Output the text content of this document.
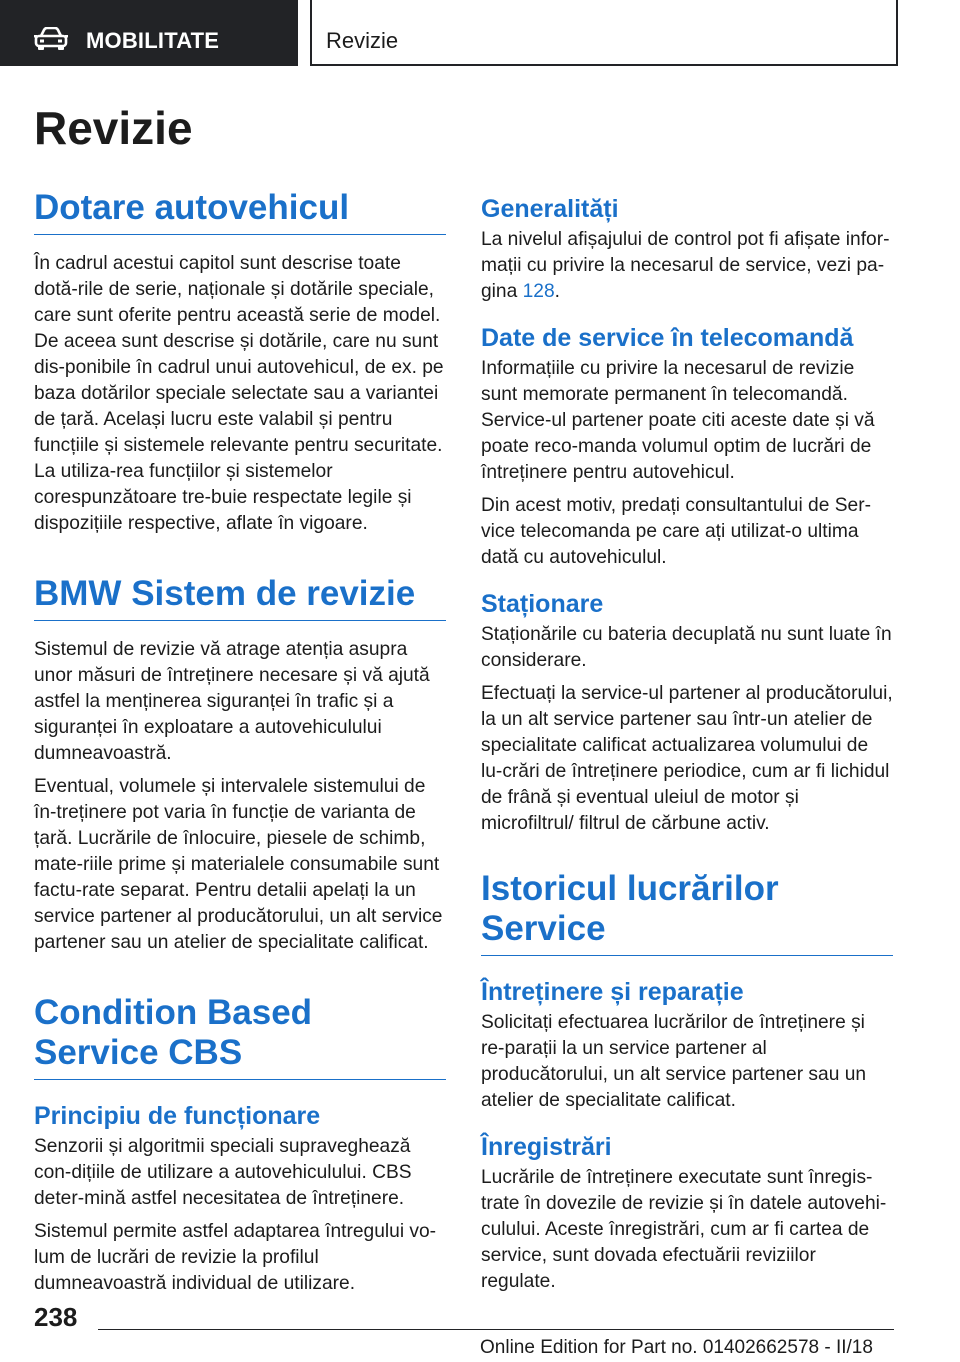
MOBILITATE	Revizie
Revizie
Dotare autovehicul

În cadrul acestui capitol sunt descrise toate dotă-rile de serie, naționale și dotările speciale, care sunt oferite pentru această serie de model. De aceea sunt descrise și dotările, care nu sunt dis-ponibile în cadrul unui autovehicul, de ex. pe baza dotărilor speciale selectate sau a variantei de țară. Același lucru este valabil și pentru funcțiile și sistemele relevante pentru securitate. La utiliza-rea funcțiilor și sistemelor corespunzătoare tre-buie respectate legile și dispozițiile respective, aflate în vigoare.

BMW Sistem de revizie

Sistemul de revizie vă atrage atenția asupra unor măsuri de întreținere necesare și vă ajută astfel la menținerea siguranței în trafic și a siguranței în exploatare a autovehiculului dumneavoastră.

Eventual, volumele și intervalele sistemului de în-treținere pot varia în funcție de varianta de țară. Lucrările de înlocuire, piesele de schimb, mate-riile prime și materialele consumabile sunt factu-rate separat. Pentru detalii apelați la un service partener al producătorului, un alt service partener sau un atelier de specialitate calificat.

Condition Based Service CBS
Principiu de funcționare

Senzorii și algoritmii speciali supraveghează con-dițiile de utilizare a autovehiculului. CBS deter-mină astfel necesitatea de întreținere.

Sistemul permite astfel adaptarea întregului vo-lum de lucrări de revizie la profilul dumneavoastră individual de utilizare.

Generalități

La nivelul afișajului de control pot fi afișate infor-mații cu privire la necesarul de service, vezi pa-gina 128.

Date de service în telecomandă

Informațiile cu privire la necesarul de revizie sunt memorate permanent în telecomandă. Service-ul partener poate citi aceste date și vă poate reco-manda volumul optim de lucrări de întreținere pentru autovehicul.

Din acest motiv, predați consultantului de Ser-vice telecomanda pe care ați utilizat-o ultima dată cu autovehiculul.

Staționare

Staționările cu bateria decuplată nu sunt luate în considerare.

Efectuați la service-ul partener al producătorului, la un alt service partener sau într-un atelier de specialitate calificat actualizarea volumului de lu-crări de întreținere periodice, cum ar fi lichidul de frână și eventual uleiul de motor și microfiltrul/ filtrul de cărbune activ.

Istoricul lucrărilor Service
Întreținere și reparație

Solicitați efectuarea lucrărilor de întreținere și re-parații la un service partener al producătorului, un alt service partener sau un atelier de specialitate calificat.

Înregistrări

Lucrările de întreținere executate sunt înregis-trate în dovezile de revizie și în datele autovehi-culului. Aceste înregistrări, cum ar fi cartea de service, sunt dovada efectuării reviziilor regulate.

238
Online Edition for Part no. 01402662578 - II/18
